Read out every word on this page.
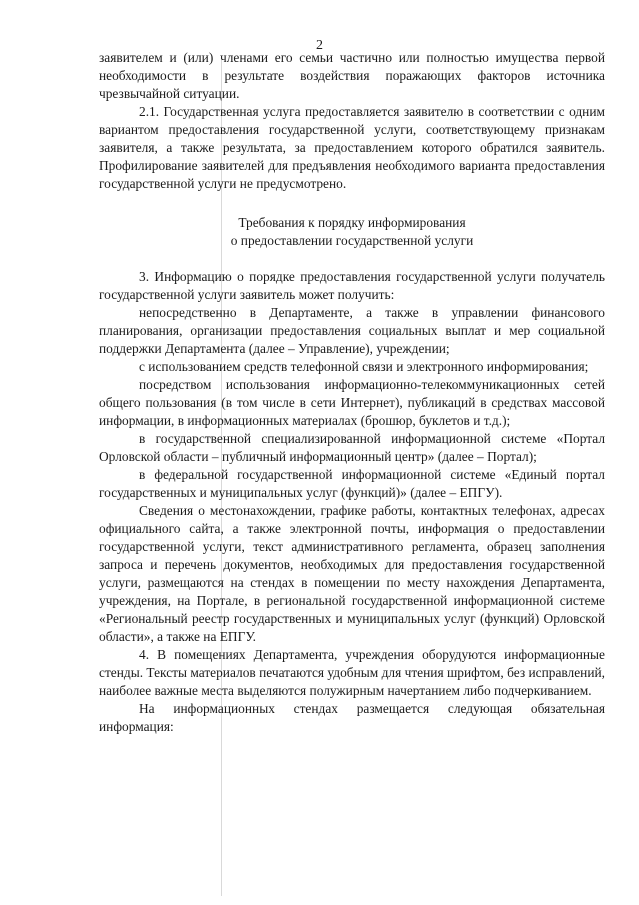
2

заявителем и (или) членами его семьи частично или полностью имущества первой необходимости в результате воздействия поражающих факторов источника чрезвычайной ситуации.

2.1. Государственная услуга предоставляется заявителю в соответствии с одним вариантом предоставления государственной услуги, соответствующему признакам заявителя, а также результата, за предоставлением которого обратился заявитель. Профилирование заявителей для предъявления необходимого варианта предоставления государственной услуги не предусмотрено.

Требования к порядку информирования

о предоставлении государственной услуги

3. Информацию о порядке предоставления государственной услуги получатель государственной услуги заявитель может получить:

непосредственно в Департаменте, а также в управлении финансового планирования, организации предоставления социальных выплат и мер социальной поддержки Департамента (далее – Управление), учреждении;

с использованием средств телефонной связи и электронного информирования;

посредством использования информационно-телекоммуникационных сетей общего пользования (в том числе в сети Интернет), публикаций в средствах массовой информации, в информационных материалах (брошюр, буклетов и т.д.);

в государственной специализированной информационной системе «Портал Орловской области – публичный информационный центр» (далее – Портал);

в федеральной государственной информационной системе «Единый портал государственных и муниципальных услуг (функций)» (далее – ЕПГУ).

Сведения о местонахождении, графике работы, контактных телефонах, адресах официального сайта, а также электронной почты, информация о предоставлении государственной услуги, текст административного регламента, образец заполнения запроса и перечень документов, необходимых для предоставления государственной услуги, размещаются на стендах в помещении по месту нахождения Департамента, учреждения, на Портале, в региональной государственной информационной системе «Региональный реестр государственных и муниципальных услуг (функций) Орловской области», а также на ЕПГУ.

4. В помещениях Департамента, учреждения оборудуются информационные стенды. Тексты материалов печатаются удобным для чтения шрифтом, без исправлений, наиболее важные места выделяются полужирным начертанием либо подчеркиванием.

На информационных стендах размещается следующая обязательная информация:
